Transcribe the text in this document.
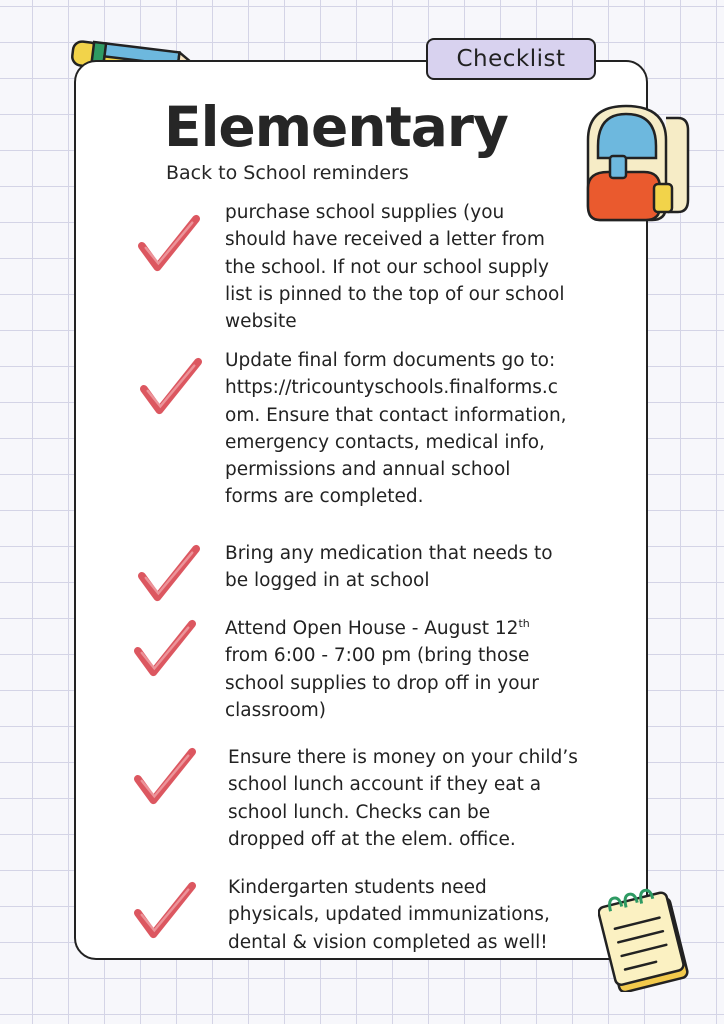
Checklist
Elementary

Back to School reminders

purchase school supplies (you
should have received a letter from
the school. If not our school supply
list is pinned to the top of our school
website

Update final form documents go to:
https://tricountyschools.finalforms.c
om. Ensure that contact information,
emergency contacts, medical info,
permissions and annual school
forms are completed.

Bring any medication that needs to
be logged in at school

Attend Open House - August 12th
from 6:00 - 7:00 pm (bring those
school supplies to drop off in your
classroom)

Ensure there is money on your child’s
school lunch account if they eat a
school lunch. Checks can be
dropped off at the elem. office.

Kindergarten students need
physicals, updated immunizations,
dental & vision completed as well!
